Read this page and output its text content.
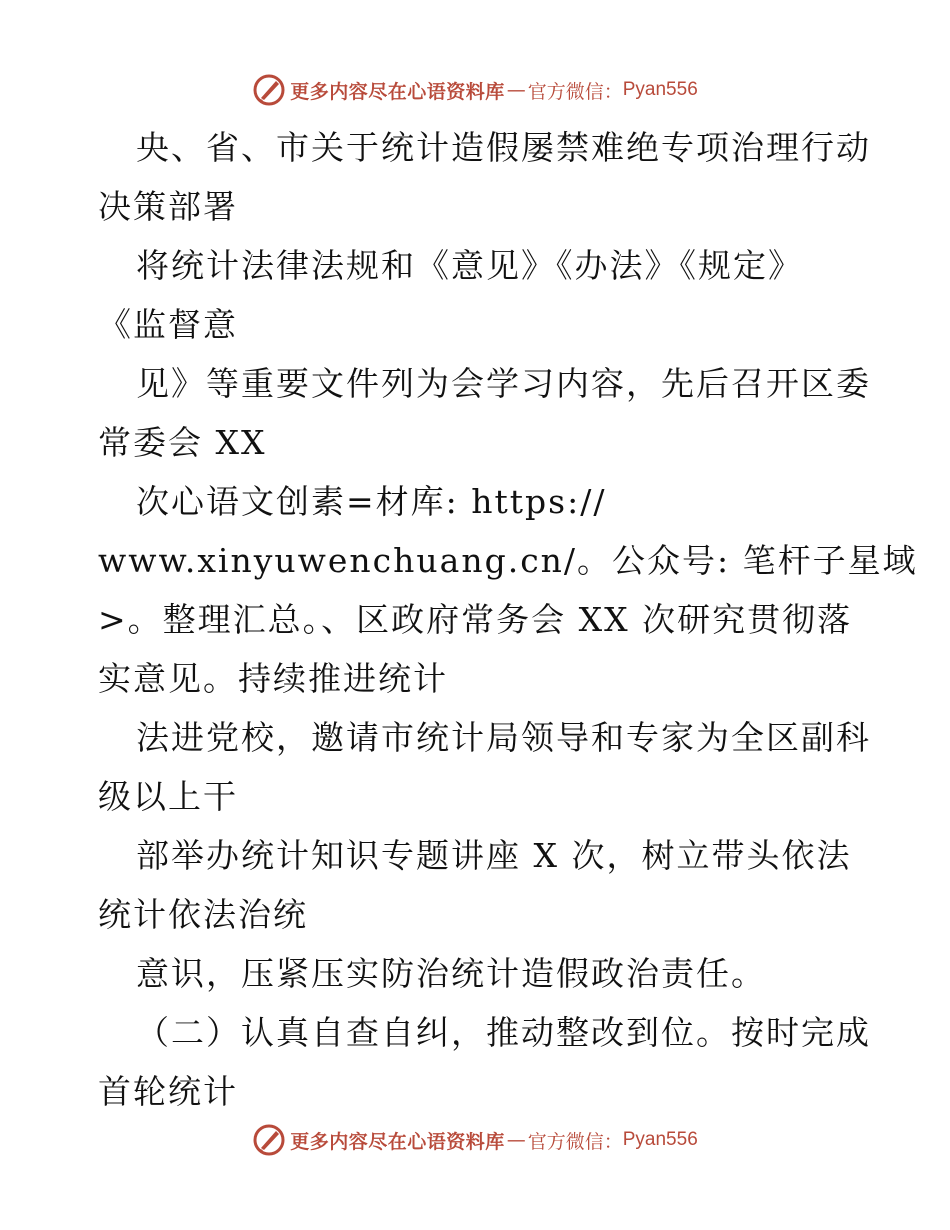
更多内容尽在心语资料库 — 官方微信： Pyan556
央、省、市关于统计造假屡禁难绝专项治理行动
决策部署
将统计法律法规和《意见》《办法》《规定》
《监督意
见》等重要文件列为会学习内容，先后召开区委
常委会 XX
次心语文创素=材库: https://
www.xinyuwenchuang.cn/。公众号: 笔杆子星域
>。整理汇总。、区政府常务会 XX 次研究贯彻落
实意见。持续推进统计
法进党校，邀请市统计局领导和专家为全区副科
级以上干
部举办统计知识专题讲座 X 次，树立带头依法
统计依法治统
意识，压紧压实防治统计造假政治责任。
（二）认真自查自纠，推动整改到位。按时完成
首轮统计
更多内容尽在心语资料库 — 官方微信： Pyan556
